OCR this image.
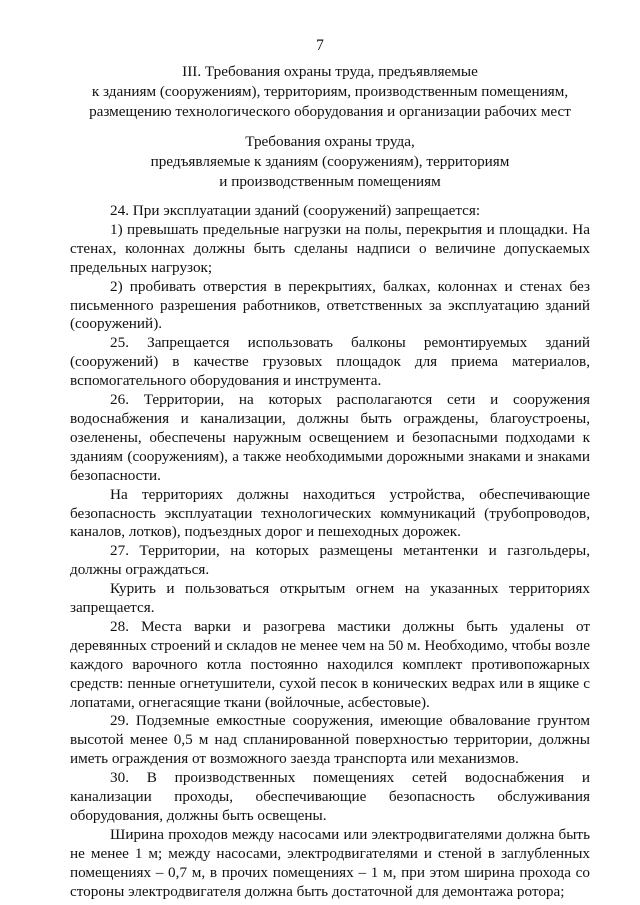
7
III. Требования охраны труда, предъявляемые
к зданиям (сооружениям), территориям, производственным помещениям,
размещению технологического оборудования и организации рабочих мест
Требования охраны труда,
предъявляемые к зданиям (сооружениям), территориям
и производственным помещениям

24. При эксплуатации зданий (сооружений) запрещается:

1) превышать предельные нагрузки на полы, перекрытия и площадки. На стенах, колоннах должны быть сделаны надписи о величине допускаемых предельных нагрузок;

2) пробивать отверстия в перекрытиях, балках, колоннах и стенах без письменного разрешения работников, ответственных за эксплуатацию зданий (сооружений).

25. Запрещается использовать балконы ремонтируемых зданий (сооружений) в качестве грузовых площадок для приема материалов, вспомогательного оборудования и инструмента.

26. Территории, на которых располагаются сети и сооружения водоснабжения и канализации, должны быть ограждены, благоустроены, озеленены, обеспечены наружным освещением и безопасными подходами к зданиям (сооружениям), а также необходимыми дорожными знаками и знаками безопасности.

На территориях должны находиться устройства, обеспечивающие безопасность эксплуатации технологических коммуникаций (трубопроводов, каналов, лотков), подъездных дорог и пешеходных дорожек.

27. Территории, на которых размещены метантенки и газгольдеры, должны ограждаться.

Курить и пользоваться открытым огнем на указанных территориях запрещается.

28. Места варки и разогрева мастики должны быть удалены от деревянных строений и складов не менее чем на 50 м. Необходимо, чтобы возле каждого варочного котла постоянно находился комплект противопожарных средств: пенные огнетушители, сухой песок в конических ведрах или в ящике с лопатами, огнегасящие ткани (войлочные, асбестовые).

29. Подземные емкостные сооружения, имеющие обвалование грунтом высотой менее 0,5 м над спланированной поверхностью территории, должны иметь ограждения от возможного заезда транспорта или механизмов.

30. В производственных помещениях сетей водоснабжения и канализации проходы, обеспечивающие безопасность обслуживания оборудования, должны быть освещены.

Ширина проходов между насосами или электродвигателями должна быть не менее 1 м; между насосами, электродвигателями и стеной в заглубленных помещениях – 0,7 м, в прочих помещениях – 1 м, при этом ширина прохода со стороны электродвигателя должна быть достаточной для демонтажа ротора;
